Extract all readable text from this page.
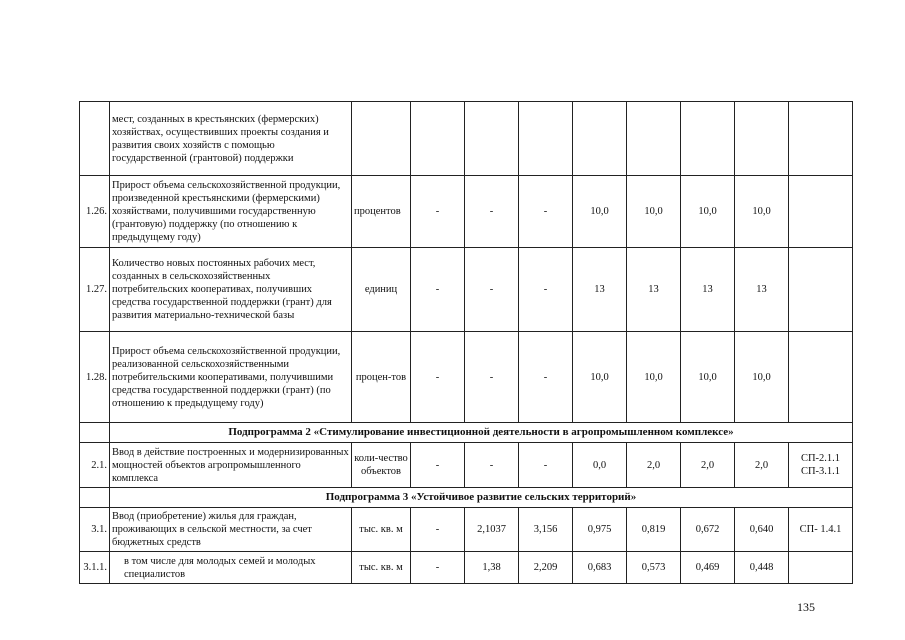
	мест, созданных в крестьянских (фермерских) хозяйствах, осуществивших проекты создания и развития своих хозяйств с помощью государственной (грантовой) поддержки									
1.26.	Прирост объема сельскохозяйственной продукции, произведенной крестьянскими (фермерскими) хозяйствами, получившими государственную (грантовую) поддержку (по отношению к предыдущему году)	процентов	-	-	-	10,0	10,0	10,0	10,0	
1.27.	Количество новых постоянных рабочих мест, созданных в сельскохозяйственных потребительских кооперативах, получивших средства государственной поддержки (грант) для развития материально-технической базы	единиц	-	-	-	13	13	13	13	
1.28.	Прирост объема сельскохозяйственной продукции, реализованной сельскохозяйственными потребительскими кооперативами, получившими средства государственной поддержки (грант) (по отношению к предыдущему году)	процен-тов	-	-	-	10,0	10,0	10,0	10,0	
	Подпрограмма 2 «Стимулирование инвестиционной деятельности в агропромышленном комплексе»									
2.1.	Ввод в действие построенных и модернизированных мощностей объектов агропромышленного комплекса	коли-чество объектов	-	-	-	0,0	2,0	2,0	2,0	СП-2.1.1 СП-3.1.1
	Подпрограмма 3 «Устойчивое развитие сельских территорий»									
3.1.	Ввод (приобретение) жилья для граждан, проживающих в сельской местности, за счет бюджетных средств	тыс. кв. м	-	2,1037	3,156	0,975	0,819	0,672	0,640	СП- 1.4.1
3.1.1.	в том числе для молодых семей и молодых специалистов	тыс. кв. м	-	1,38	2,209	0,683	0,573	0,469	0,448	
135
